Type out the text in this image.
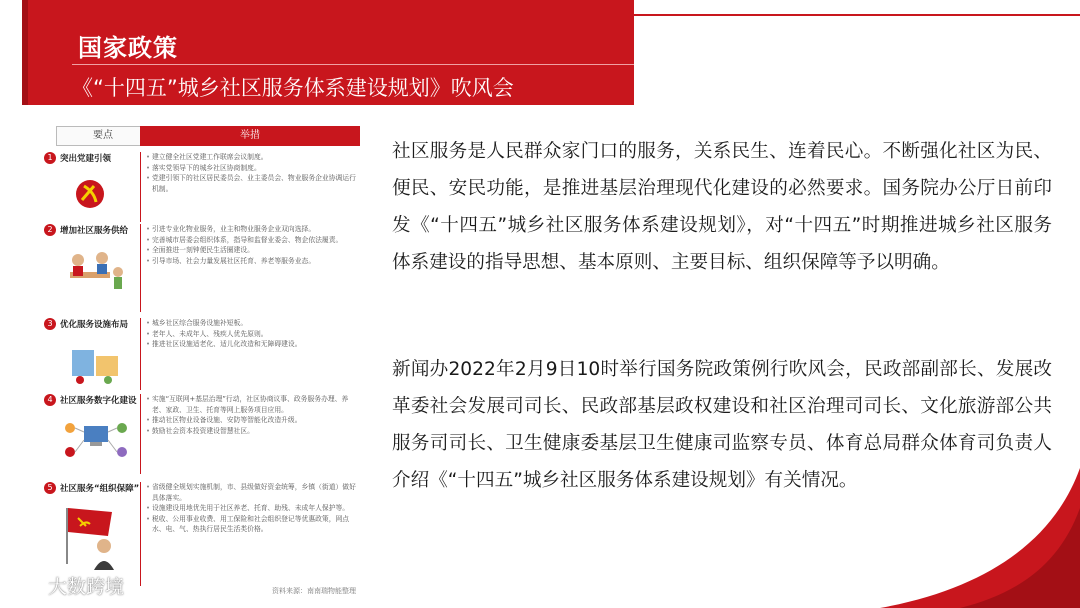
国家政策
《“十四五”城乡社区服务体系建设规划》吹风会
要点	举措
1 突出党建引领	• 建立健全社区党建工作联席会议制度。
• 落实党领导下的城乡社区协商制度。
• 党建引领下的社区居民委员会、业主委员会、物业服务企业协调运行机制。
2 增加社区服务供给	• 引进专业化物业服务，业主和物业服务企业双向选择。
• 完善城市居委会组织体系，指导和监督业委会、物企依法履责。
• 全面推进一刻钟便民生活圈建设。
• 引导市场、社会力量发展社区托育、养老等服务业态。
3 优化服务设施布局	• 城乡社区综合服务设施补短板。
• 老年人、未成年人、残疾人优先原则。
• 推进社区设施适老化、适儿化改造和无障碍建设。
4 社区服务数字化建设	• 实施“互联网+基层治理”行动，社区协商议事、政务服务办理、养老、家政、卫生、托育等网上服务项目应用。
• 推动社区物业设备设施、安防等智能化改造升级。
• 鼓励社会资本投资建设智慧社区。
5 社区服务“组织保障”	• 省级健全规划实施机制，市、县级做好资金统筹，乡镇（街道）做好具体落实。
• 设施建设用地优先用于社区养老、托育、助残、未成年人保护等。
• 税收、公用事业收费、用工保险和社会组织登记等优惠政策，网点水、电、气、热执行居民生活类价格。
资料来源：南南瑞物能整理

社区服务是人民群众家门口的服务，关系民生、连着民心。不断强化社区为民、便民、安民功能，是推进基层治理现代化建设的必然要求。国务院办公厅日前印发《“十四五”城乡社区服务体系建设规划》，对“十四五”时期推进城乡社区服务体系建设的指导思想、基本原则、主要目标、组织保障等予以明确。

新闻办2022年2月9日10时举行国务院政策例行吹风会，民政部副部长、发展改革委社会发展司司长、民政部基层政权建设和社区治理司司长、文化旅游部公共服务司司长、卫生健康委基层卫生健康司监察专员、体育总局群众体育司负责人介绍《“十四五”城乡社区服务体系建设规划》有关情况。

大数跨境
